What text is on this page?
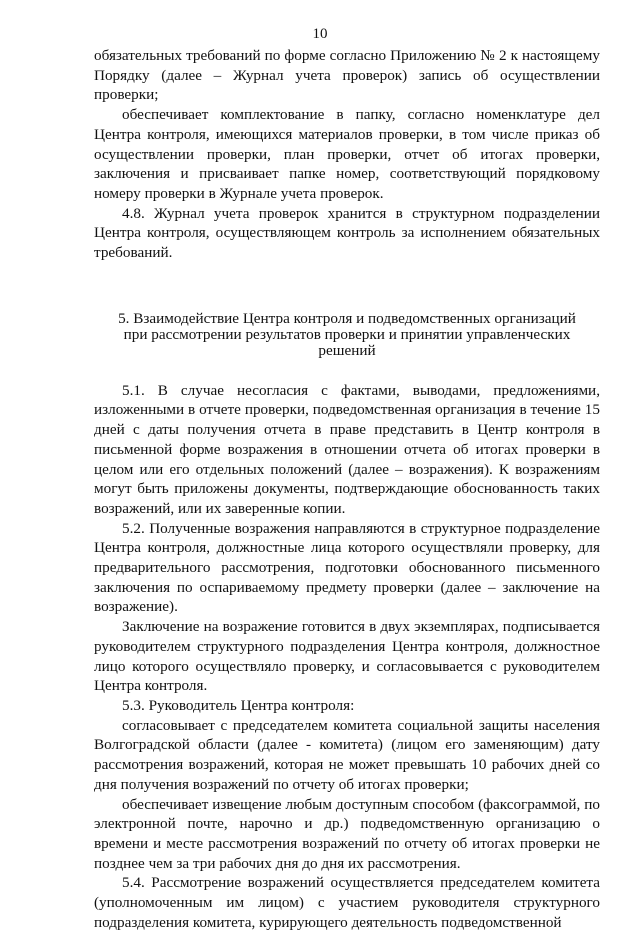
10

обязательных требований по форме согласно Приложению № 2 к настоящему Порядку (далее – Журнал учета проверок) запись об осуществлении проверки;

обеспечивает комплектование в папку, согласно номенклатуре дел Центра контроля, имеющихся материалов проверки, в том числе приказ об осуществлении проверки, план проверки, отчет об итогах проверки, заключения и присваивает папке номер, соответствующий порядковому номеру проверки в Журнале учета проверок.

4.8. Журнал учета проверок хранится в структурном подразделении Центра контроля, осуществляющем контроль за исполнением обязательных требований.

5. Взаимодействие Центра контроля и подведомственных организаций
при рассмотрении результатов проверки и принятии управленческих
решений

5.1. В случае несогласия с фактами, выводами, предложениями, изложенными в отчете проверки, подведомственная организация в течение 15 дней с даты получения отчета в праве представить в Центр контроля в письменной форме возражения в отношении отчета об итогах проверки в целом или его отдельных положений (далее – возражения). К возражениям могут быть приложены документы, подтверждающие обоснованность таких возражений, или их заверенные копии.

5.2. Полученные возражения направляются в структурное подразделение Центра контроля, должностные лица которого осуществляли проверку, для предварительного рассмотрения, подготовки обоснованного письменного заключения по оспариваемому предмету проверки (далее – заключение на возражение).

Заключение на возражение готовится в двух экземплярах, подписывается руководителем структурного подразделения Центра контроля, должностное лицо которого осуществляло проверку, и согласовывается с руководителем Центра контроля.

5.3. Руководитель Центра контроля:

согласовывает с председателем комитета социальной защиты населения Волгоградской области (далее - комитета) (лицом его заменяющим) дату рассмотрения возражений, которая не может превышать 10 рабочих дней со дня получения возражений по отчету об итогах проверки;

обеспечивает извещение любым доступным способом (факсограммой, по электронной почте, нарочно и др.) подведомственную организацию о времени и месте рассмотрения возражений по отчету об итогах проверки не позднее чем за три рабочих дня до дня их рассмотрения.

5.4. Рассмотрение возражений осуществляется председателем комитета (уполномоченным им лицом) с участием руководителя структурного подразделения комитета, курирующего деятельность подведомственной
